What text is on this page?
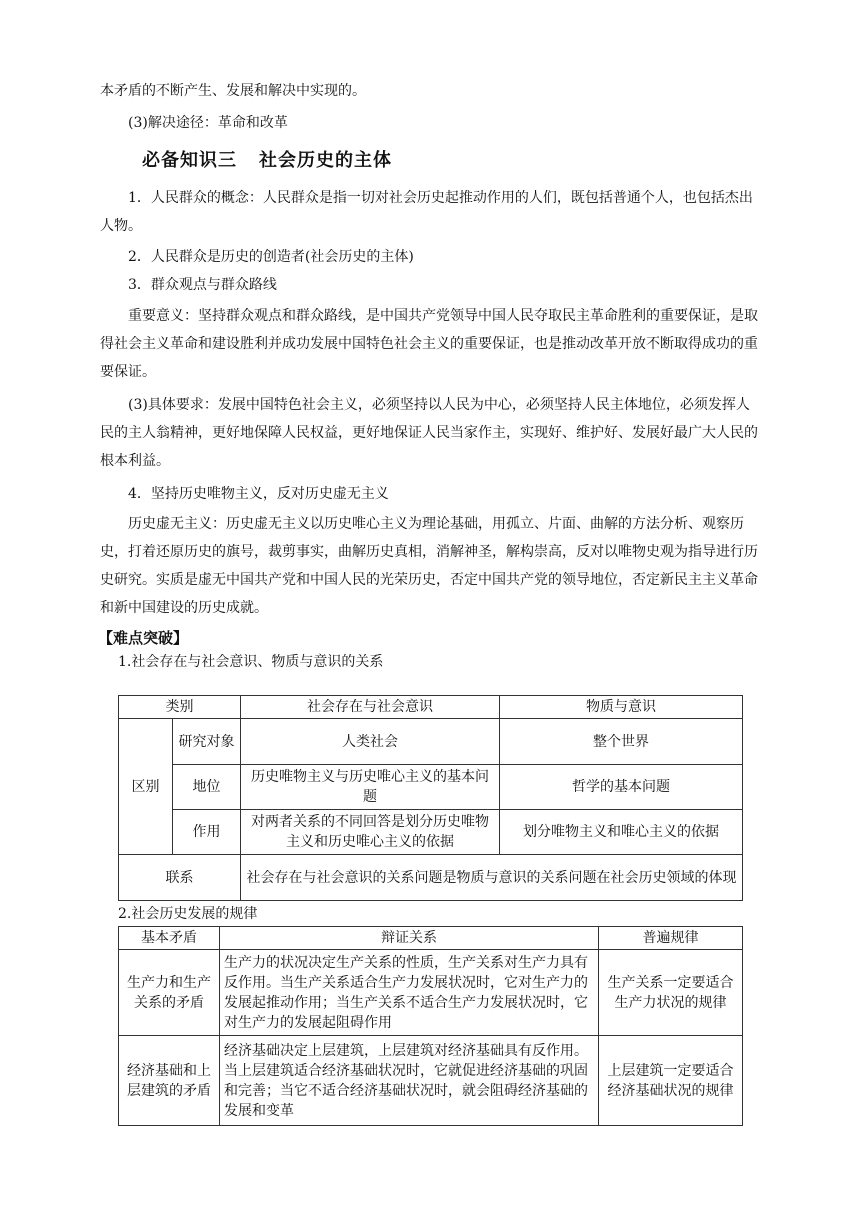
本矛盾的不断产生、发展和解决中实现的。

(3)解决途径：革命和改革

必备知识三 社会历史的主体

1．人民群众的概念：人民群众是指一切对社会历史起推动作用的人们，既包括普通个人，也包括杰出人物。

2．人民群众是历史的创造者(社会历史的主体)

3．群众观点与群众路线

重要意义：坚持群众观点和群众路线，是中国共产党领导中国人民夺取民主革命胜利的重要保证，是取得社会主义革命和建设胜利并成功发展中国特色社会主义的重要保证，也是推动改革开放不断取得成功的重要保证。

(3)具体要求：发展中国特色社会主义，必须坚持以人民为中心，必须坚持人民主体地位，必须发挥人民的主人翁精神，更好地保障人民权益，更好地保证人民当家作主，实现好、维护好、发展好最广大人民的根本利益。

4．坚持历史唯物主义，反对历史虚无主义

历史虚无主义：历史虚无主义以历史唯心主义为理论基础，用孤立、片面、曲解的方法分析、观察历史，打着还原历史的旗号，裁剪事实，曲解历史真相，消解神圣，解构崇高，反对以唯物史观为指导进行历史研究。实质是虚无中国共产党和中国人民的光荣历史，否定中国共产党的领导地位，否定新民主主义革命和新中国建设的历史成就。

【难点突破】
1.社会存在与社会意识、物质与意识的关系
类别		社会存在与社会意识	物质与意识
区别	研究对象	人类社会	整个世界
	地位	历史唯物主义与历史唯心主义的基本问题	哲学的基本问题
	作用	对两者关系的不同回答是划分历史唯物主义和历史唯心主义的依据	划分唯物主义和唯心主义的依据
联系		社会存在与社会意识的关系问题是物质与意识的关系问题在社会历史领域的体现	
2.社会历史发展的规律
基本矛盾	辩证关系	普遍规律
生产力和生产关系的矛盾	生产力的状况决定生产关系的性质，生产关系对生产力具有反作用。当生产关系适合生产力发展状况时，它对生产力的发展起推动作用；当生产关系不适合生产力发展状况时，它对生产力的发展起阻碍作用	生产关系一定要适合生产力状况的规律
经济基础和上层建筑的矛盾	经济基础决定上层建筑，上层建筑对经济基础具有反作用。当上层建筑适合经济基础状况时，它就促进经济基础的巩固和完善；当它不适合经济基础状况时，就会阻碍经济基础的发展和变革	上层建筑一定要适合经济基础状况的规律
